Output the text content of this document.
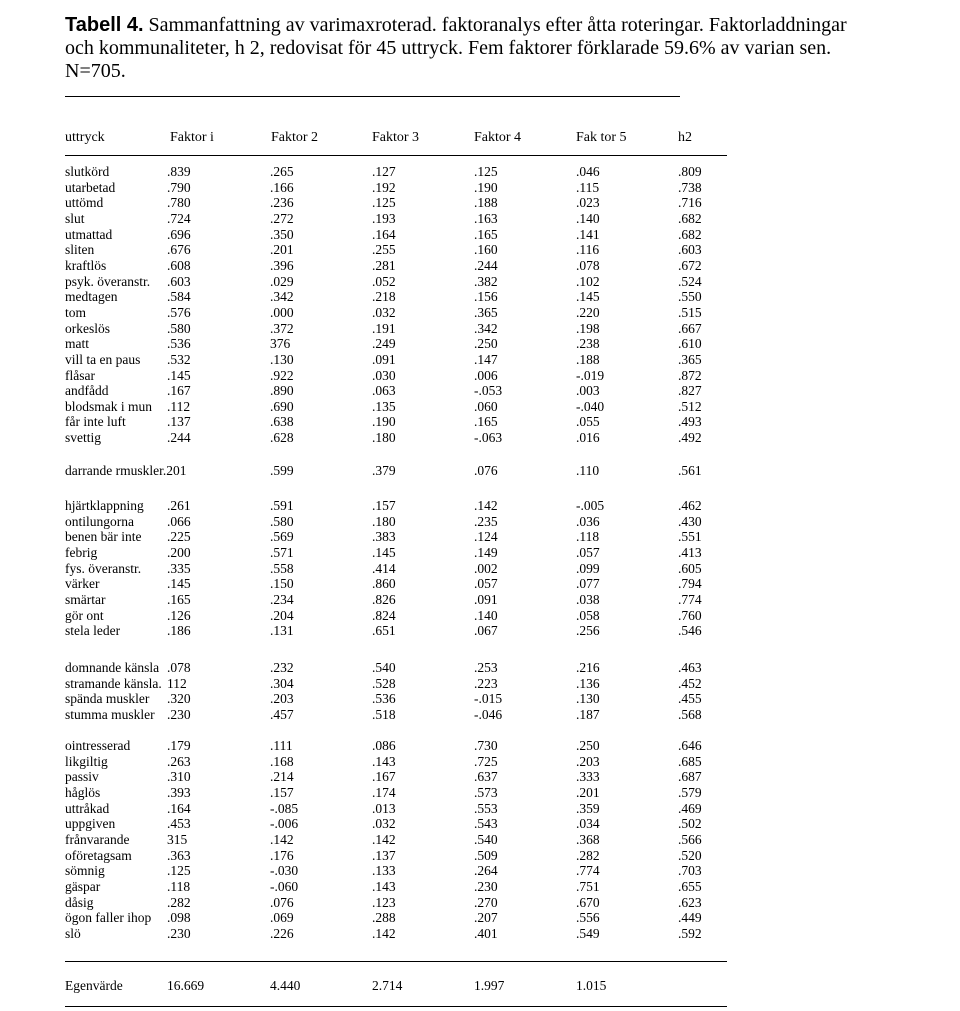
Tabell 4. Sammanfattning av varimaxroterad. faktoranalys efter åtta roteringar. Faktorladdningar och kommunaliteter, h 2, redovisat för 45 uttryck. Fem faktorer förklarade 59.6% av varian sen. N=705.
uttryck	Faktor i	Faktor 2	Faktor 3	Faktor 4	Fak tor 5	h2
slutkörd	.839	.265	.127	.125	.046	.809
utarbetad	.790	.166	.192	.190	.115	.738
uttömd	.780	.236	.125	.188	.023	.716
slut	.724	.272	.193	.163	.140	.682
utmattad	.696	.350	.164	.165	.141	.682
sliten	.676	.201	.255	.160	.116	.603
kraftlös	.608	.396	.281	.244	.078	.672
psyk. överanstr. .603	.029	.052	.382	.102	.524
medtagen	.584	.342	.218	.156	.145	.550
tom	.576	.000	.032	.365	.220	.515
orkeslös	.580	.372	.191	.342	.198	.667
matt	.536	376	.249	.250	.238	.610
vill ta en paus .532	.130	.091	.147	.188	.365
flåsar	.145	.922	.030	.006	-.019	.872
andfådd	.167	.890	.063	-.053	.003	.827
blodsmak i mun .112	.690	.135	.060	-.040	.512
får inte luft	.137	.638	.190	.165	.055	.493
svettig	.244	.628	.180	-.063	.016	.492
darrande rmuskler.201	.599	.379	.076	.110	.561
hjärtklappning .261	.591	.157	.142	-.005	.462
ontilungorna .066	.580	.180	.235	.036	.430
benen bär inte .225	.569	.383	.124	.118	.551
febrig	.200	.571	.145	.149	.057	.413
fys. överanstr. .335	.558	.414	.002	.099	.605
värker	.145	.150	.860	.057	.077	.794
smärtar	.165	.234	.826	.091	.038	.774
gör ont	.126	.204	.824	.140	.058	.760
stela leder	.186	.131	.651	.067	.256	.546
domnande känsla .078	.232	.540	.253	.216	.463
stramande känsla. 112	.304	.528	.223	.136	.452
spända muskler .320	.203	.536	-.015	.130	.455
stumma muskler .230	.457	.518	-.046	.187	.568
ointresserad	.179	.111	.086	.730	.250	.646
likgiltig	.263	.168	.143	.725	.203	.685
passiv	.310	.214	.167	.637	.333	.687
håglös	.393	.157	.174	.573	.201	.579
uttråkad	.164	-.085	.013	.553	.359	.469
uppgiven	.453	-.006	.032	.543	.034	.502
frånvarande	315	.142	.142	.540	.368	.566
oföretagsam	.363	.176	.137	.509	.282	.520
sömnig	.125	-.030	.133	.264	.774	.703
gäspar	.118	-.060	.143	.230	.751	.655
dåsig	.282	.076	.123	.270	.670	.623
ögon faller ihop .098	.069	.288	.207	.556	.449
slö	.230	.226	.142	.401	.549	.592
Egenvärde	16.669	4.440	2.714	1.997	1.015
